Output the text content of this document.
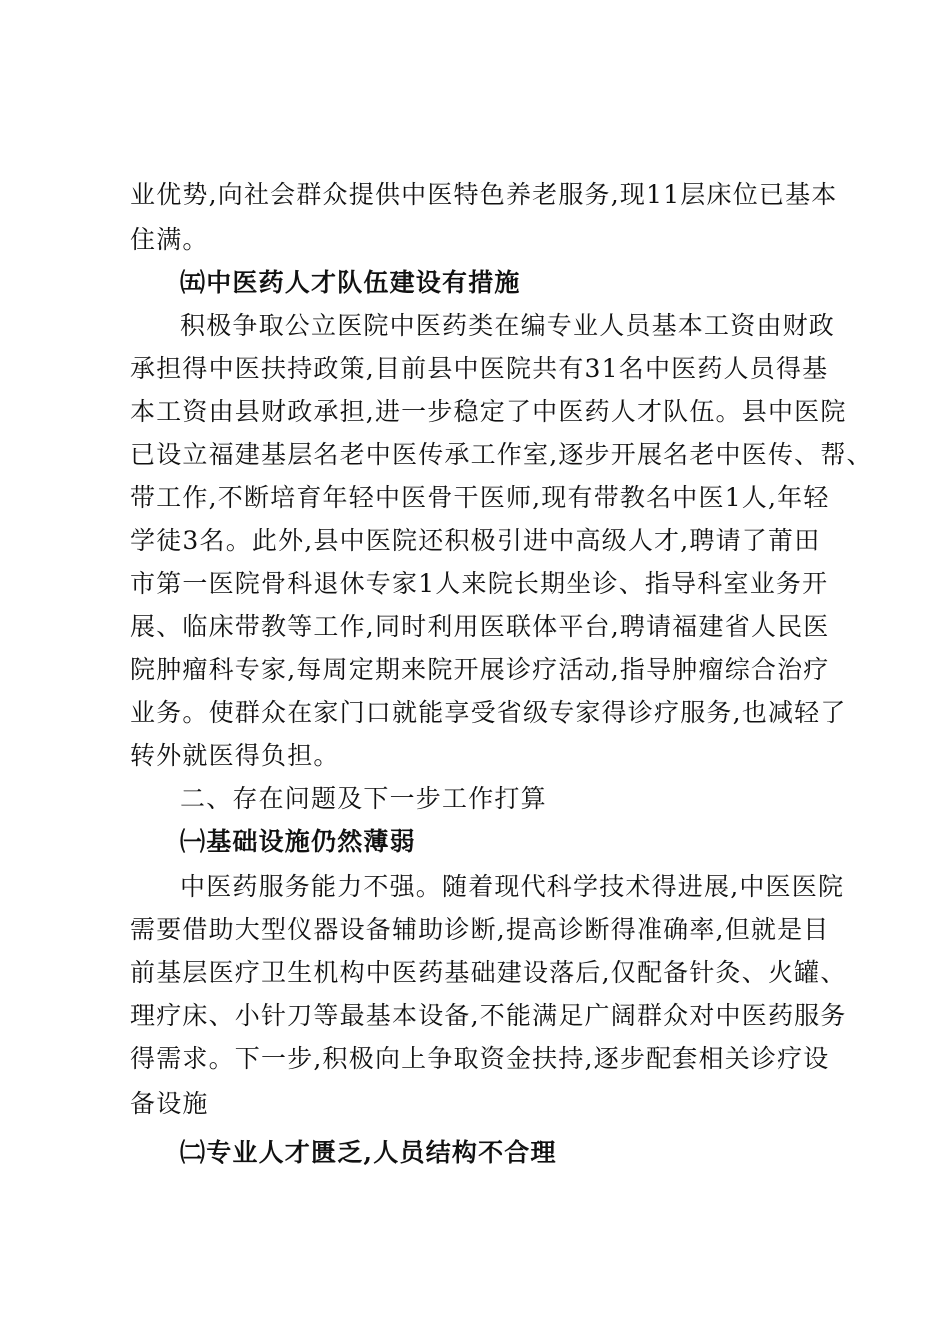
业优势,向社会群众提供中医特色养老服务,现11层床位已基本
住满。
㈤中医药人才队伍建设有措施
积极争取公立医院中医药类在编专业人员基本工资由财政
承担得中医扶持政策,目前县中医院共有31名中医药人员得基
本工资由县财政承担,进一步稳定了中医药人才队伍。县中医院
已设立福建基层名老中医传承工作室,逐步开展名老中医传、帮、
带工作,不断培育年轻中医骨干医师,现有带教名中医1人,年轻
学徒3名。此外,县中医院还积极引进中高级人才,聘请了莆田
市第一医院骨科退休专家1人来院长期坐诊、指导科室业务开
展、临床带教等工作,同时利用医联体平台,聘请福建省人民医
院肿瘤科专家,每周定期来院开展诊疗活动,指导肿瘤综合治疗
业务。使群众在家门口就能享受省级专家得诊疗服务,也减轻了
转外就医得负担。
二、存在问题及下一步工作打算
㈠基础设施仍然薄弱
中医药服务能力不强。随着现代科学技术得进展,中医医院
需要借助大型仪器设备辅助诊断,提高诊断得准确率,但就是目
前基层医疗卫生机构中医药基础建设落后,仅配备针灸、火罐、
理疗床、小针刀等最基本设备,不能满足广阔群众对中医药服务
得需求。下一步,积极向上争取资金扶持,逐步配套相关诊疗设
备设施
㈡专业人才匮乏,人员结构不合理
